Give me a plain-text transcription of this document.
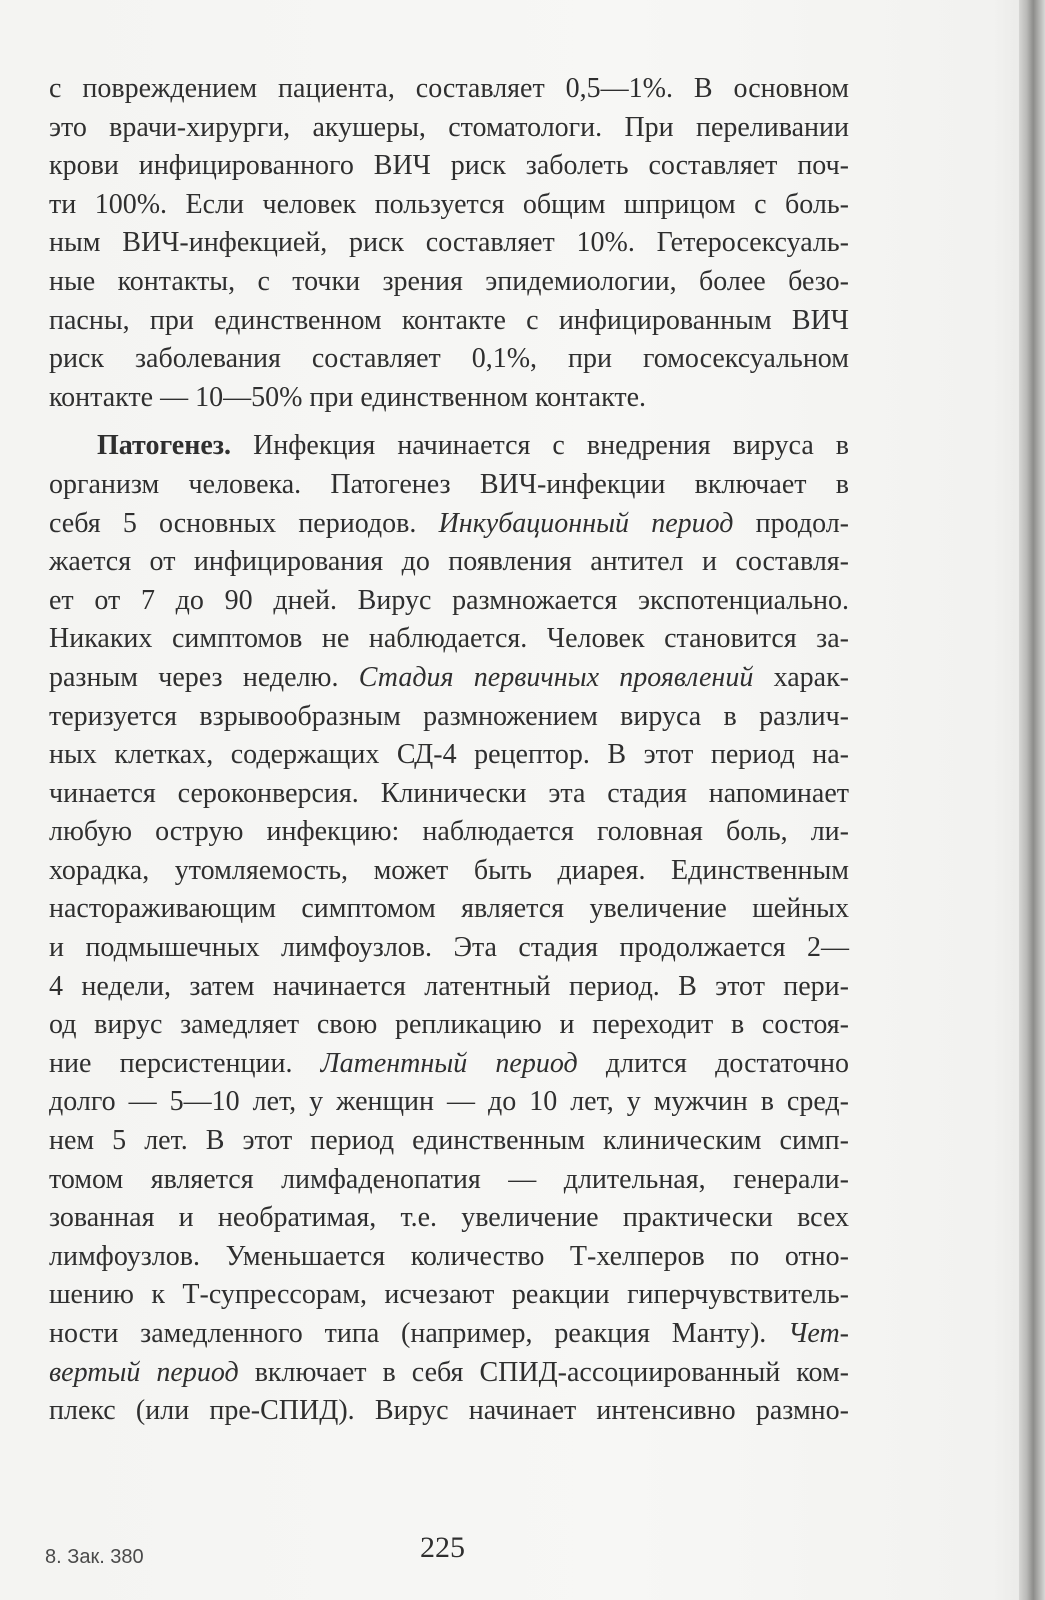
с повреждением пациента, составляет 0,5—1%. В основном
это врачи-хирурги, акушеры, стоматологи. При переливании
крови инфицированного ВИЧ риск заболеть составляет поч-
ти 100%. Если человек пользуется общим шприцом с боль-
ным ВИЧ-инфекцией, риск составляет 10%. Гетеросексуаль-
ные контакты, с точки зрения эпидемиологии, более безо-
пасны, при единственном контакте с инфицированным ВИЧ
риск заболевания составляет 0,1%, при гомосексуальном
контакте — 10—50% при единственном контакте.
Патогенез. Инфекция начинается с внедрения вируса в
организм человека. Патогенез ВИЧ-инфекции включает в
себя 5 основных периодов. Инкубационный период продол-
жается от инфицирования до появления антител и составля-
ет от 7 до 90 дней. Вирус размножается экспотенциально.
Никаких симптомов не наблюдается. Человек становится за-
разным через неделю. Стадия первичных проявлений харак-
теризуется взрывообразным размножением вируса в различ-
ных клетках, содержащих СД-4 рецептор. В этот период на-
чинается сероконверсия. Клинически эта стадия напоминает
любую острую инфекцию: наблюдается головная боль, ли-
хорадка, утомляемость, может быть диарея. Единственным
настораживающим симптомом является увеличение шейных
и подмышечных лимфоузлов. Эта стадия продолжается 2—
4 недели, затем начинается латентный период. В этот пери-
од вирус замедляет свою репликацию и переходит в состоя-
ние персистенции. Латентный период длится достаточно
долго — 5—10 лет, у женщин — до 10 лет, у мужчин в сред-
нем 5 лет. В этот период единственным клиническим симп-
томом является лимфаденопатия — длительная, генерали-
зованная и необратимая, т.е. увеличение практически всех
лимфоузлов. Уменьшается количество Т-хелперов по отно-
шению к Т-супрессорам, исчезают реакции гиперчувствитель-
ности замедленного типа (например, реакция Манту). Чет-
вертый период включает в себя СПИД-ассоциированный ком-
плекс (или пре-СПИД). Вирус начинает интенсивно размно-
8. Зак. 380	225
